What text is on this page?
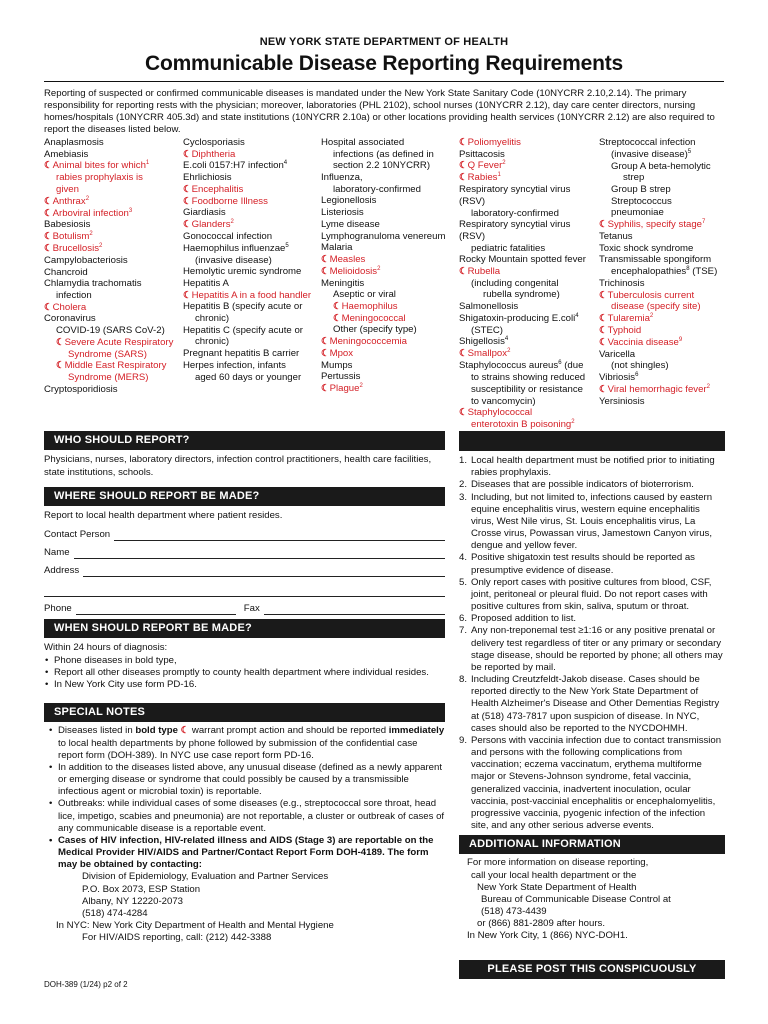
NEW YORK STATE DEPARTMENT OF HEALTH
Communicable Disease Reporting Requirements
Reporting of suspected or confirmed communicable diseases is mandated under the New York State Sanitary Code (10NYCRR 2.10,2.14). The primary responsibility for reporting rests with the physician; moreover, laboratories (PHL 2102), school nurses (10NYCRR 2.12), day care center directors, nursing homes/hospitals (10NYCRR 405.3d) and state institutions (10NYCRR 2.10a) or other locations providing health services (10NYCRR 2.12) are also required to report the diseases listed below.
Anaplasmosis
Amebiasis
☾Animal bites for which$^1$
rabies prophylaxis is
given
☾Anthrax$^2$
☾Arboviral infection$^3$
Babesiosis
☾Botulism$^2$
☾Brucellosis$^2$
Campylobacteriosis
Chancroid
Chlamydia trachomatis
infection
☾Cholera
Coronavirus
COVID-19 (SARS CoV-2)
☾Severe Acute Respiratory
Syndrome (SARS)
☾Middle East Respiratory
Syndrome (MERS)
Cryptosporidiosis
Cyclosporiasis
☾Diphtheria
E.coli 0157:H7 infection$^4$
Ehrlichiosis
☾Encephalitis
☾Foodborne Illness
Giardiasis
☾Glanders$^2$
Gonococcal infection
Haemophilus influenzae$^5$
(invasive disease)
Hemolytic uremic syndrome
Hepatitis A
☾Hepatitis A in a food handler
Hepatitis B (specify acute or
chronic)
Hepatitis C (specify acute or
chronic)
Pregnant hepatitis B carrier
Herpes infection, infants
aged 60 days or younger
Hospital associated
infections (as defined in
section 2.2 10NYCRR)
Influenza,
laboratory-confirmed
Legionellosis
Listeriosis
Lyme disease
Lymphogranuloma venereum
Malaria
☾Measles
☾Melioidosis$^2$
Meningitis
Aseptic or viral
☾Haemophilus
☾Meningococcal
Other (specify type)
☾Meningococcemia
☾Mpox
Mumps
Pertussis
☾Plague$^2$
☾Poliomyelitis
Psittacosis
☾Q Fever$^2$
☾Rabies$^1$
Respiratory syncytial virus (RSV)
laboratory-confirmed
Respiratory syncytial virus (RSV)
pediatric fatalities
Rocky Mountain spotted fever
☾Rubella
(including congenital
rubella syndrome)
Salmonellosis
Shigatoxin-producing E.coli$^4$
(STEC)
Shigellosis$^4$
☾Smallpox$^2$
Staphylococcus aureus$^6$ (due
to strains showing reduced
susceptibility or resistance
to vancomycin)
☾Staphylococcal
enterotoxin B poisoning$^2$
Streptococcal infection
(invasive disease)$^5$
Group A beta-hemolytic
strep
Group B strep
Streptococcus pneumoniae
☾Syphilis, specify stage$^7$
Tetanus
Toxic shock syndrome
Transmissable spongiform
encephalopathies$^8$ (TSE)
Trichinosis
☾Tuberculosis current
disease (specify site)
☾Tularemia$^2$
☾Typhoid
☾Vaccinia disease$^9$
Varicella
(not shingles)
Vibriosis$^6$
☾Viral hemorrhagic fever$^2$
Yersiniosis
WHO SHOULD REPORT?
Physicians, nurses, laboratory directors, infection control practitioners, health care facilities, state institutions, schools.
WHERE SHOULD REPORT BE MADE?
Report to local health department where patient resides.
Contact Person
Name
Address
Phone	Fax
WHEN SHOULD REPORT BE MADE?
Within 24 hours of diagnosis:
• Phone diseases in bold type,
• Report all other diseases promptly to county health department where individual resides.
• In New York City use form PD-16.
SPECIAL NOTES
• Diseases listed in bold type ☾ warrant prompt action and should be reported immediately to local health departments by phone followed by submission of the confidential case report form (DOH-389). In NYC use case report form PD-16.
• In addition to the diseases listed above, any unusual disease (defined as a newly apparent or emerging disease or syndrome that could possibly be caused by a transmissible infectious agent or microbial toxin) is reportable.
• Outbreaks: while individual cases of some diseases (e.g., streptococcal sore throat, head lice, impetigo, scabies and pneumonia) are not reportable, a cluster or outbreak of cases of any communicable disease is a reportable event.
• Cases of HIV infection, HIV-related illness and AIDS (Stage 3) are reportable on the Medical Provider HIV/AIDS and Partner/Contact Report Form DOH-4189. The form may be obtained by contacting:
Division of Epidemiology, Evaluation and Partner Services
P.O. Box 2073, ESP Station
Albany, NY 12220-2073
(518) 474-4284
In NYC: New York City Department of Health and Mental Hygiene
For HIV/AIDS reporting, call: (212) 442-3388
1. Local health department must be notified prior to initiating rabies prophylaxis.
2. Diseases that are possible indicators of bioterrorism.
3. Including, but not limited to, infections caused by eastern equine encephalitis virus, western equine encephalitis virus, West Nile virus, St. Louis encephalitis virus, La Crosse virus, Powassan virus, Jamestown Canyon virus, dengue and yellow fever.
4. Positive shigatoxin test results should be reported as presumptive evidence of disease.
5. Only report cases with positive cultures from blood, CSF, joint, peritoneal or pleural fluid. Do not report cases with positive cultures from skin, saliva, sputum or throat.
6. Proposed addition to list.
7. Any non-treponemal test ≥1:16 or any positive prenatal or delivery test regardless of titer or any primary or secondary stage disease, should be reported by phone; all others may be reported by mail.
8. Including Creutzfeldt-Jakob disease. Cases should be reported directly to the New York State Department of Health Alzheimer's Disease and Other Dementias Registry at (518) 473-7817 upon suspicion of disease. In NYC, cases should also be reported to the NYCDOHMH.
9. Persons with vaccinia infection due to contact transmission and persons with the following complications from vaccination; eczema vaccinatum, erythema multiforme major or Stevens-Johnson syndrome, fetal vaccinia, generalized vaccinia, inadvertent inoculation, ocular vaccinia, post-vaccinial encephalitis or encephalomyelitis, progressive vaccinia, pyogenic infection of the infection site, and any other serious adverse events.
ADDITIONAL INFORMATION
For more information on disease reporting,
call your local health department or the
New York State Department of Health
Bureau of Communicable Disease Control at
(518) 473-4439
or (866) 881-2809 after hours.
In New York City, 1 (866) NYC-DOH1.
PLEASE POST THIS CONSPICUOUSLY
DOH-389 (1/24) p2 of 2
